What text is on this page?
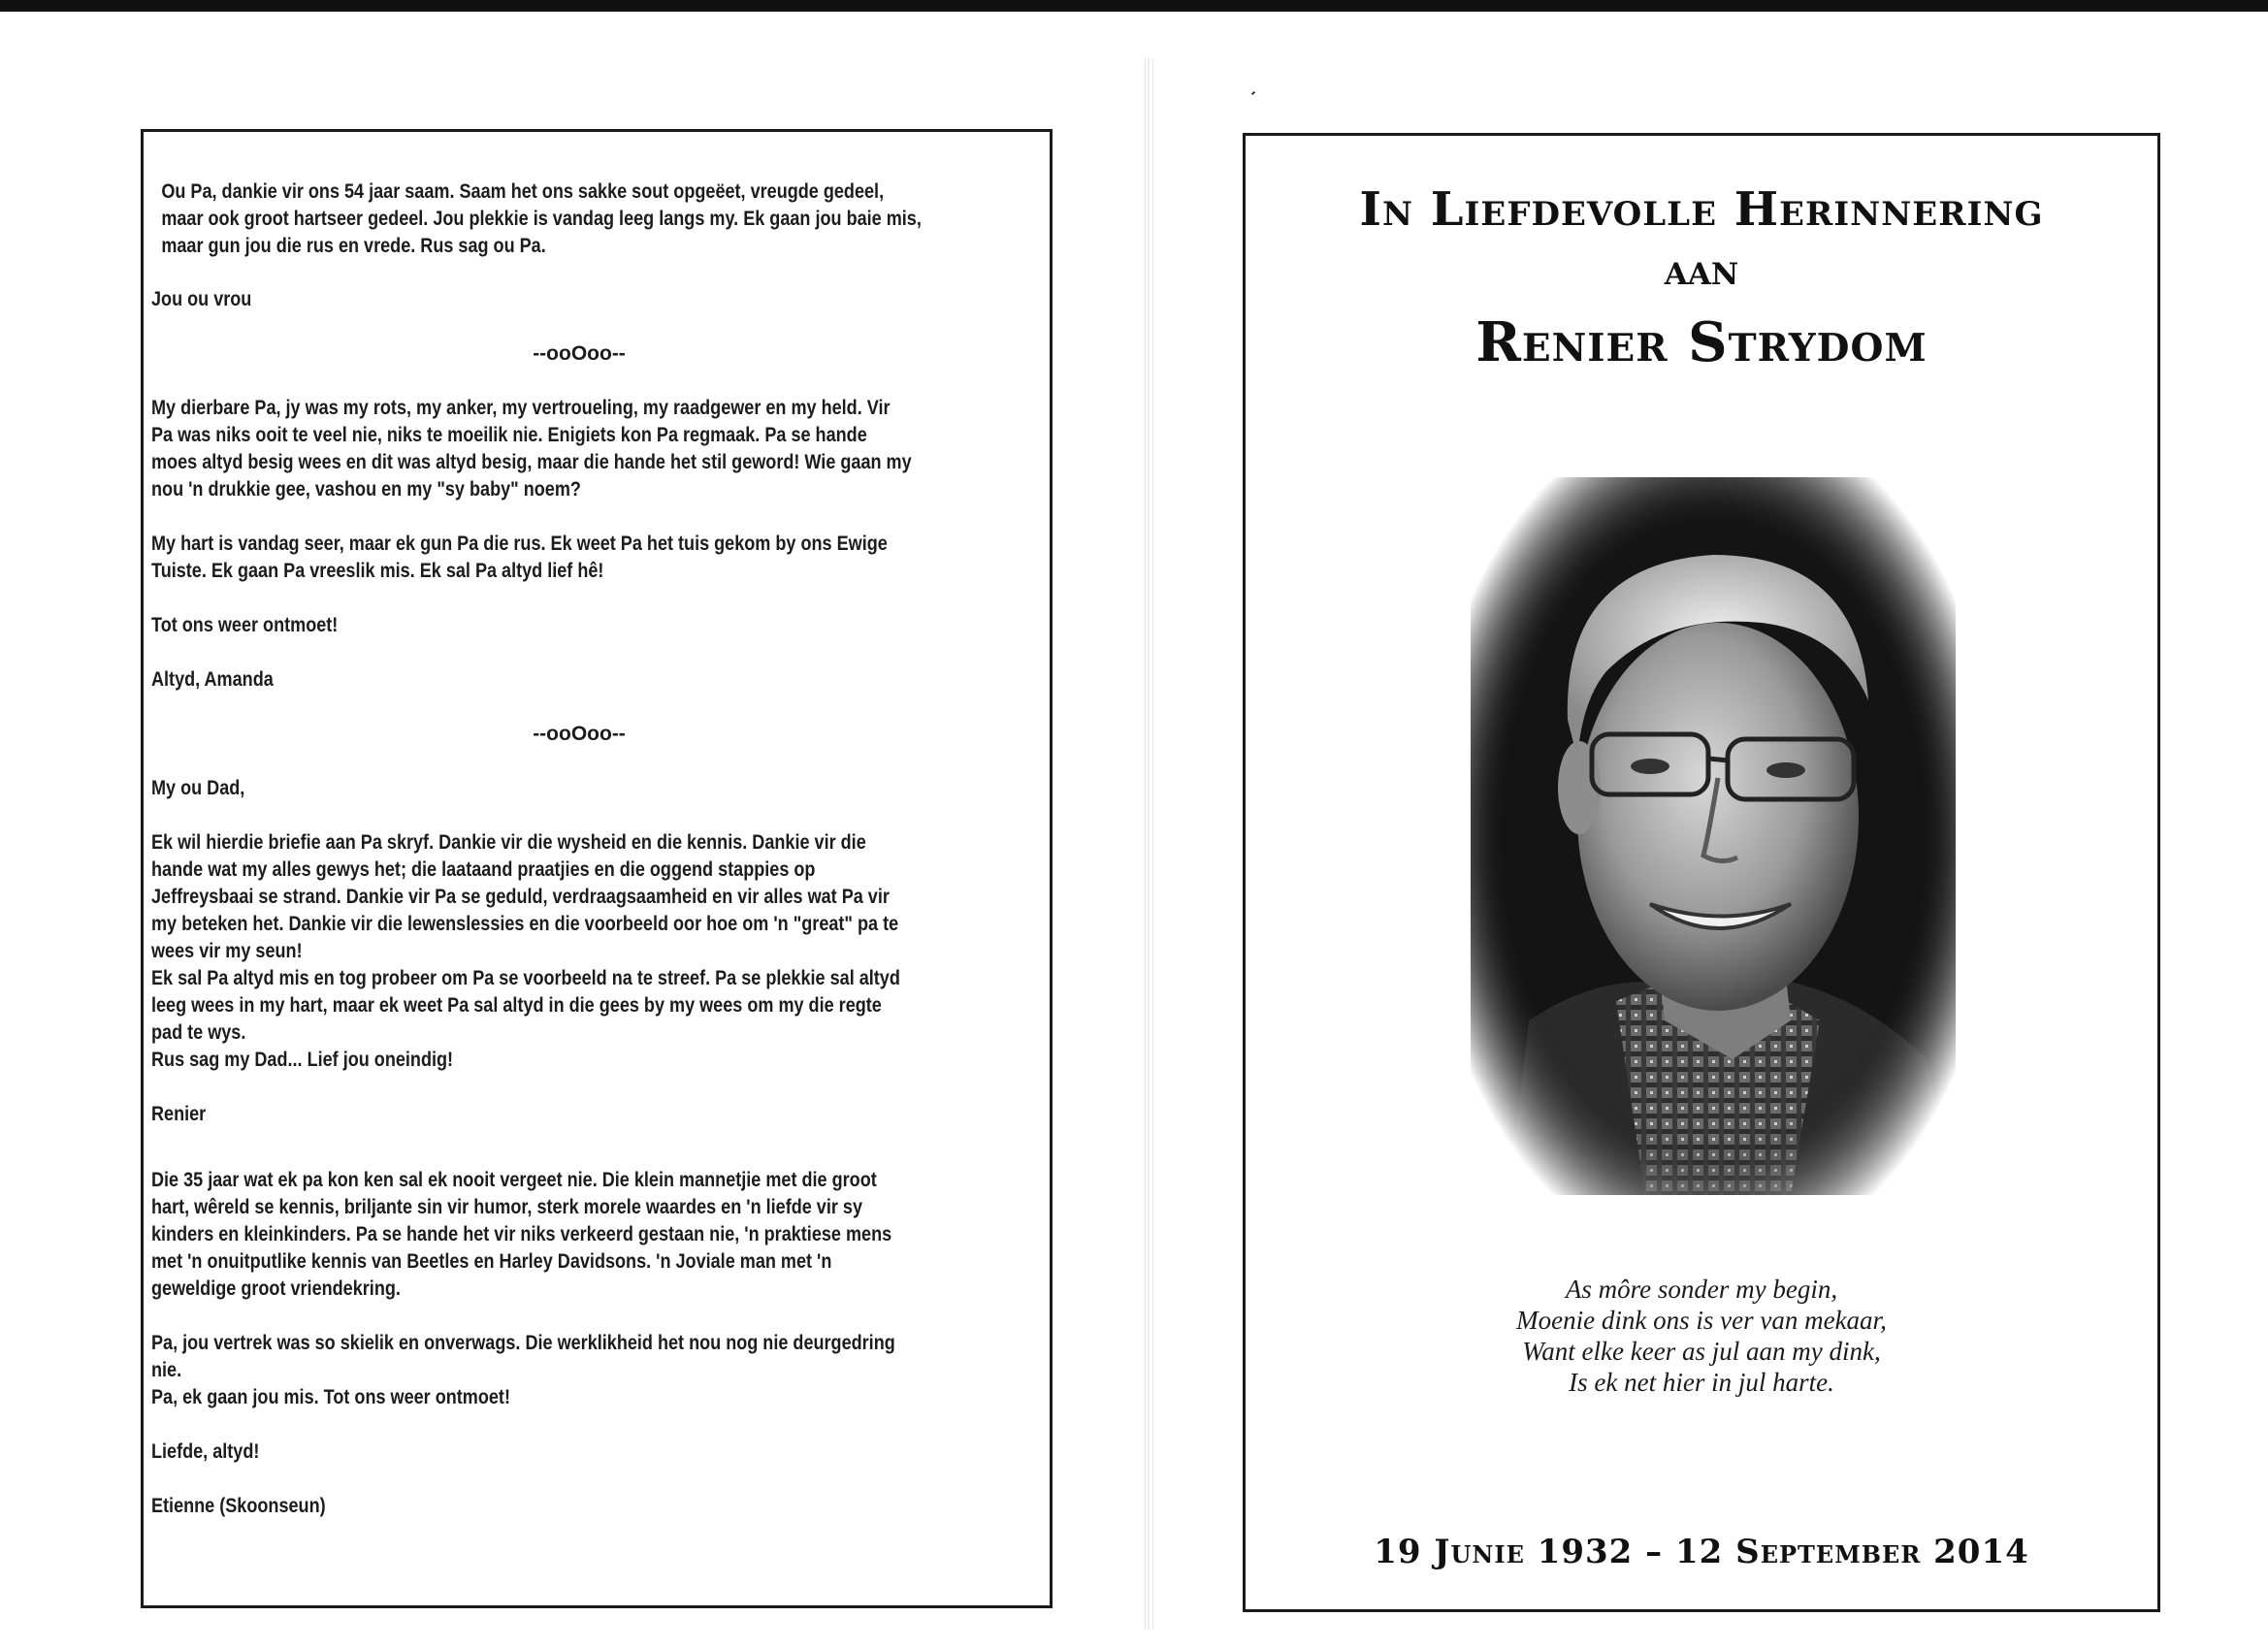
Ou Pa, dankie vir ons 54 jaar saam. Saam het ons sakke sout opgeëet, vreugde gedeel, maar ook groot hartseer gedeel. Jou plekkie is vandag leeg langs my. Ek gaan jou baie mis, maar gun jou die rus en vrede. Rus sag ou Pa.
Jou ou vrou
--ooOoo--
My dierbare Pa, jy was my rots, my anker, my vertroueling, my raadgewer en my held. Vir Pa was niks ooit te veel nie, niks te moeilik nie. Enigiets kon Pa regmaak. Pa se hande moes altyd besig wees en dit was altyd besig, maar die hande het stil geword! Wie gaan my nou 'n drukkie gee, vashou en my "sy baby" noem?
My hart is vandag seer, maar ek gun Pa die rus. Ek weet Pa het tuis gekom by ons Ewige Tuiste. Ek gaan Pa vreeslik mis. Ek sal Pa altyd lief hê!
Tot ons weer ontmoet!
Altyd, Amanda
--ooOoo--
My ou Dad,
Ek wil hierdie briefie aan Pa skryf. Dankie vir die wysheid en die kennis. Dankie vir die hande wat my alles gewys het; die laataand praatjies en die oggend stappies op Jeffreysbaai se strand. Dankie vir Pa se geduld, verdraagsaamheid en vir alles wat Pa vir my beteken het. Dankie vir die lewenslessies en die voorbeeld oor hoe om 'n "great" pa te wees vir my seun!
Ek sal Pa altyd mis en tog probeer om Pa se voorbeeld na te streef. Pa se plekkie sal altyd leeg wees in my hart, maar ek weet Pa sal altyd in die gees by my wees om my die regte pad te wys.
Rus sag my Dad... Lief jou oneindig!
Renier
Die 35 jaar wat ek pa kon ken sal ek nooit vergeet nie. Die klein mannetjie met die groot hart, wêreld se kennis, briljante sin vir humor, sterk morele waardes en 'n liefde vir sy kinders en kleinkinders. Pa se hande het vir niks verkeerd gestaan nie, 'n praktiese mens met 'n onuitputlike kennis van Beetles en Harley Davidsons. 'n Joviale man met 'n geweldige groot vriendekring.
Pa, jou vertrek was so skielik en onverwags. Die werklikheid het nou nog nie deurgedring nie.
Pa, ek gaan jou mis. Tot ons weer ontmoet!
Liefde, altyd!
Etienne (Skoonseun)
In Liefdevolle Herinnering
aan
Renier Strydom
As môre sonder my begin,
Moenie dink ons is ver van mekaar,
Want elke keer as jul aan my dink,
Is ek net hier in jul harte.
19 Junie 1932 – 12 September 2014
